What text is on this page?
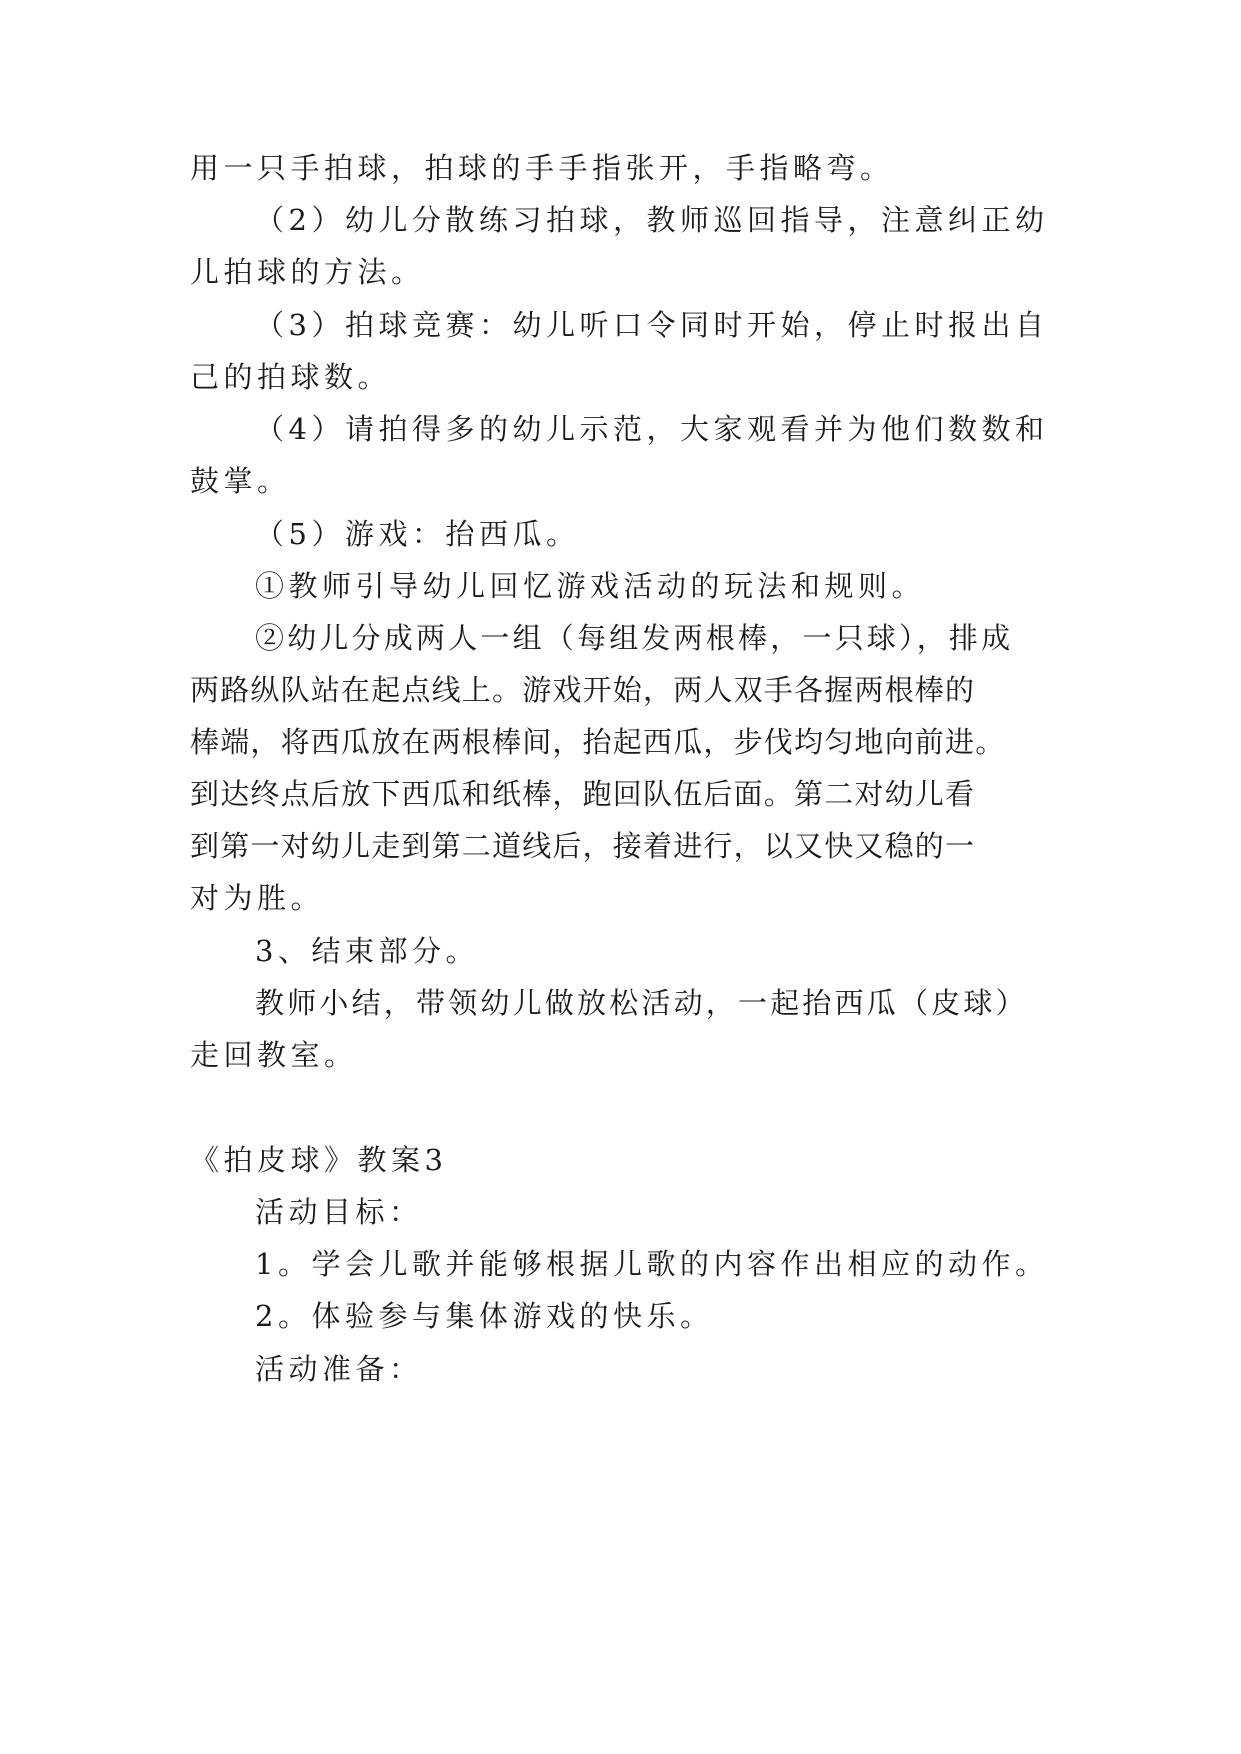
用一只手拍球，拍球的手手指张开，手指略弯。
（2）幼儿分散练习拍球，教师巡回指导，注意纠正幼
儿拍球的方法。
（3）拍球竞赛：幼儿听口令同时开始，停止时报出自
己的拍球数。
（4）请拍得多的幼儿示范，大家观看并为他们数数和
鼓掌。
（5）游戏：抬西瓜。
①教师引导幼儿回忆游戏活动的玩法和规则。
②幼儿分成两人一组（每组发两根棒，一只球），排成
两路纵队站在起点线上。游戏开始，两人双手各握两根棒的
棒端，将西瓜放在两根棒间，抬起西瓜，步伐均匀地向前进。
到达终点后放下西瓜和纸棒，跑回队伍后面。第二对幼儿看
到第一对幼儿走到第二道线后，接着进行，以又快又稳的一
对为胜。
3、结束部分。
教师小结，带领幼儿做放松活动，一起抬西瓜（皮球）
走回教室。
《拍皮球》教案3
活动目标：
1。学会儿歌并能够根据儿歌的内容作出相应的动作。
2。体验参与集体游戏的快乐。
活动准备：
